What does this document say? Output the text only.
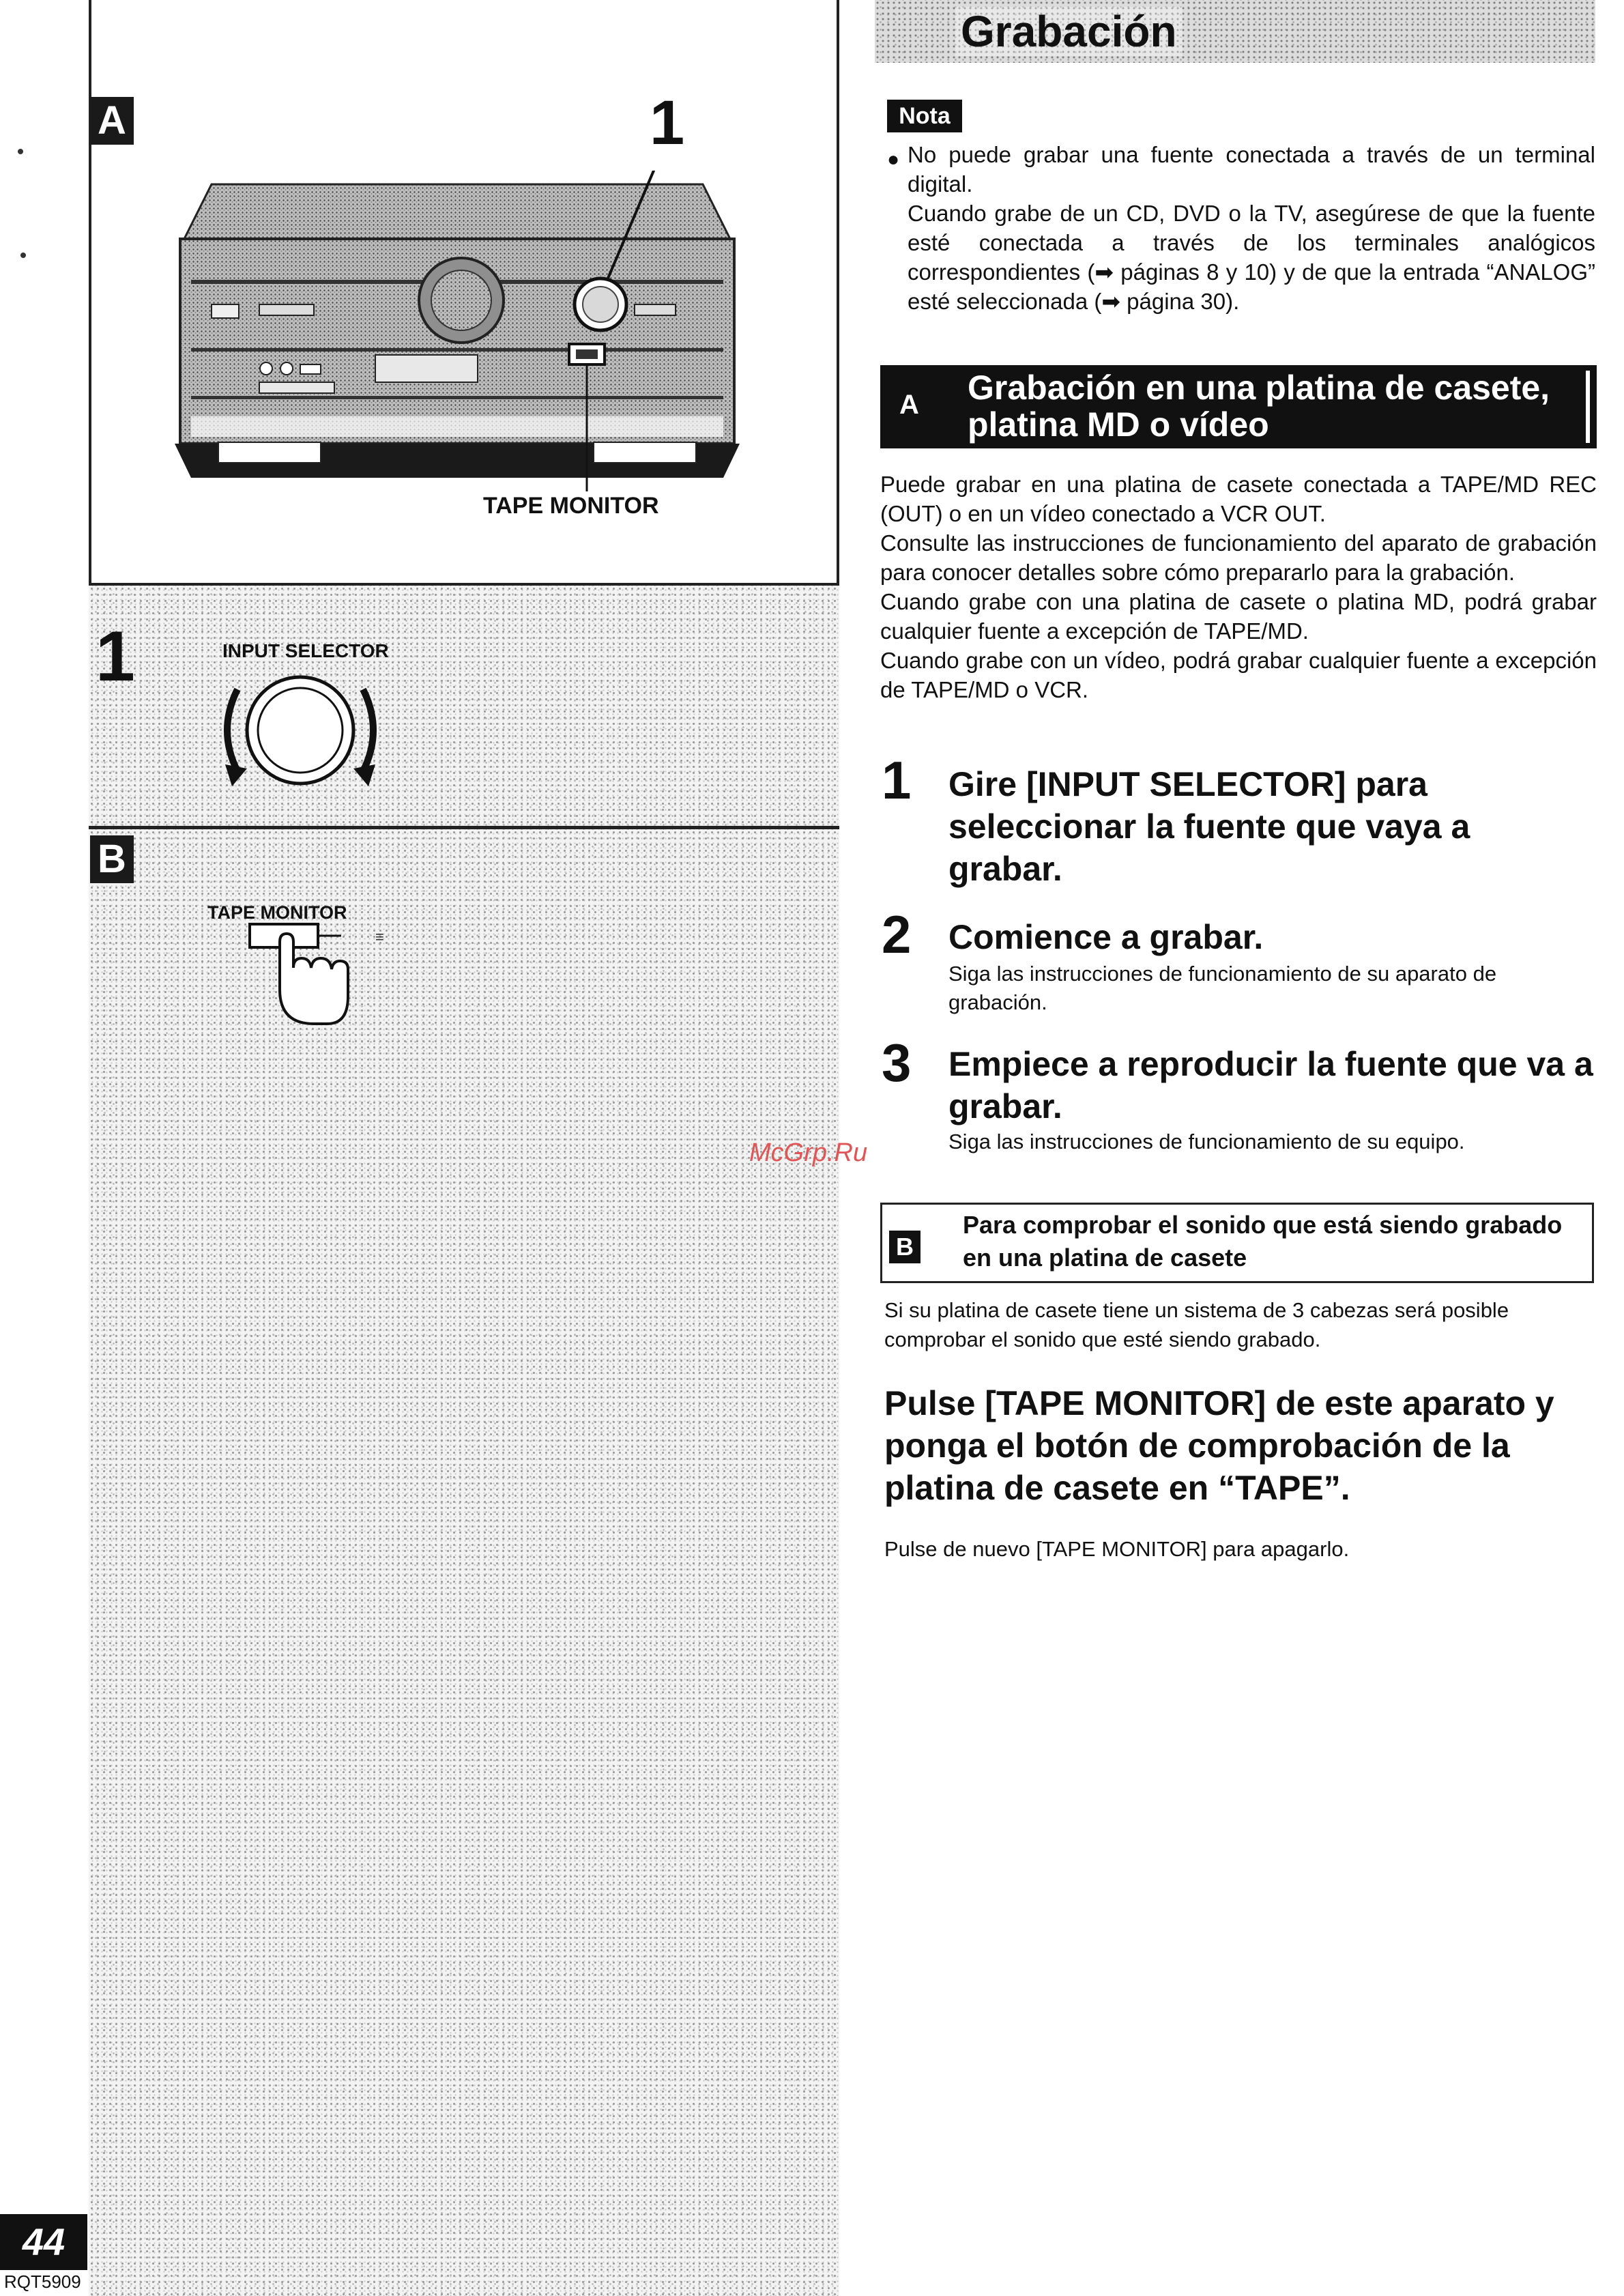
A	1
TAPE MONITOR
1	INPUT SELECTOR
B
TAPE MONITOR
≡
44
RQT5909
Grabación
Nota
● No puede grabar una fuente conectada a través de un terminal digital.

Cuando grabe de un CD, DVD o la TV, asegúrese de que la fuente esté conectada a través de los terminales analógicos correspondientes (➡ páginas 8 y 10) y de que la entrada “ANALOG” esté seleccionada (➡ página 30).

A Grabación en una platina de casete, platina MD o vídeo

Puede grabar en una platina de casete conectada a TAPE/MD REC (OUT) o en un vídeo conectado a VCR OUT.

Consulte las instrucciones de funcionamiento del aparato de grabación para conocer detalles sobre cómo prepararlo para la grabación.

Cuando grabe con una platina de casete o platina MD, podrá grabar cualquier fuente a excepción de TAPE/MD.

Cuando grabe con un vídeo, podrá grabar cualquier fuente a excepción de TAPE/MD o VCR.

1 Gire [INPUT SELECTOR] para seleccionar la fuente que vaya a grabar.
2 Comience a grabar.
Siga las instrucciones de funcionamiento de su aparato de grabación.
3 Empiece a reproducir la fuente que va a grabar.
Siga las instrucciones de funcionamiento de su equipo.
McGrp.Ru
B
Para comprobar el sonido que está siendo grabado en una platina de casete
Si su platina de casete tiene un sistema de 3 cabezas será posible comprobar el sonido que esté siendo grabado.
Pulse [TAPE MONITOR] de este aparato y ponga el botón de comprobación de la platina de casete en “TAPE”.
Pulse de nuevo [TAPE MONITOR] para apagarlo.
